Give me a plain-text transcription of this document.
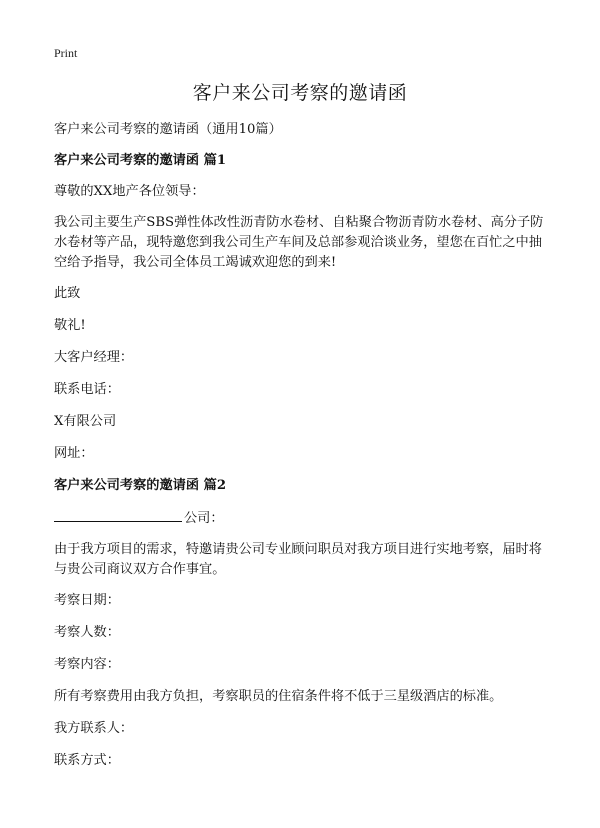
Print
客户来公司考察的邀请函

客户来公司考察的邀请函（通用10篇）

客户来公司考察的邀请函 篇1

尊敬的XX地产各位领导：

我公司主要生产SBS弹性体改性沥青防水卷材、自粘聚合物沥青防水卷材、高分子防水卷材等产品，现特邀您到我公司生产车间及总部参观洽谈业务，望您在百忙之中抽空给予指导，我公司全体员工竭诚欢迎您的到来!

此致

敬礼!

大客户经理：

联系电话：

X有限公司

网址：

客户来公司考察的邀请函 篇2

公司：

由于我方项目的需求，特邀请贵公司专业顾问职员对我方项目进行实地考察，届时将与贵公司商议双方合作事宜。

考察日期：

考察人数：

考察内容：

所有考察费用由我方负担，考察职员的住宿条件将不低于三星级酒店的标准。

我方联系人：

联系方式：
